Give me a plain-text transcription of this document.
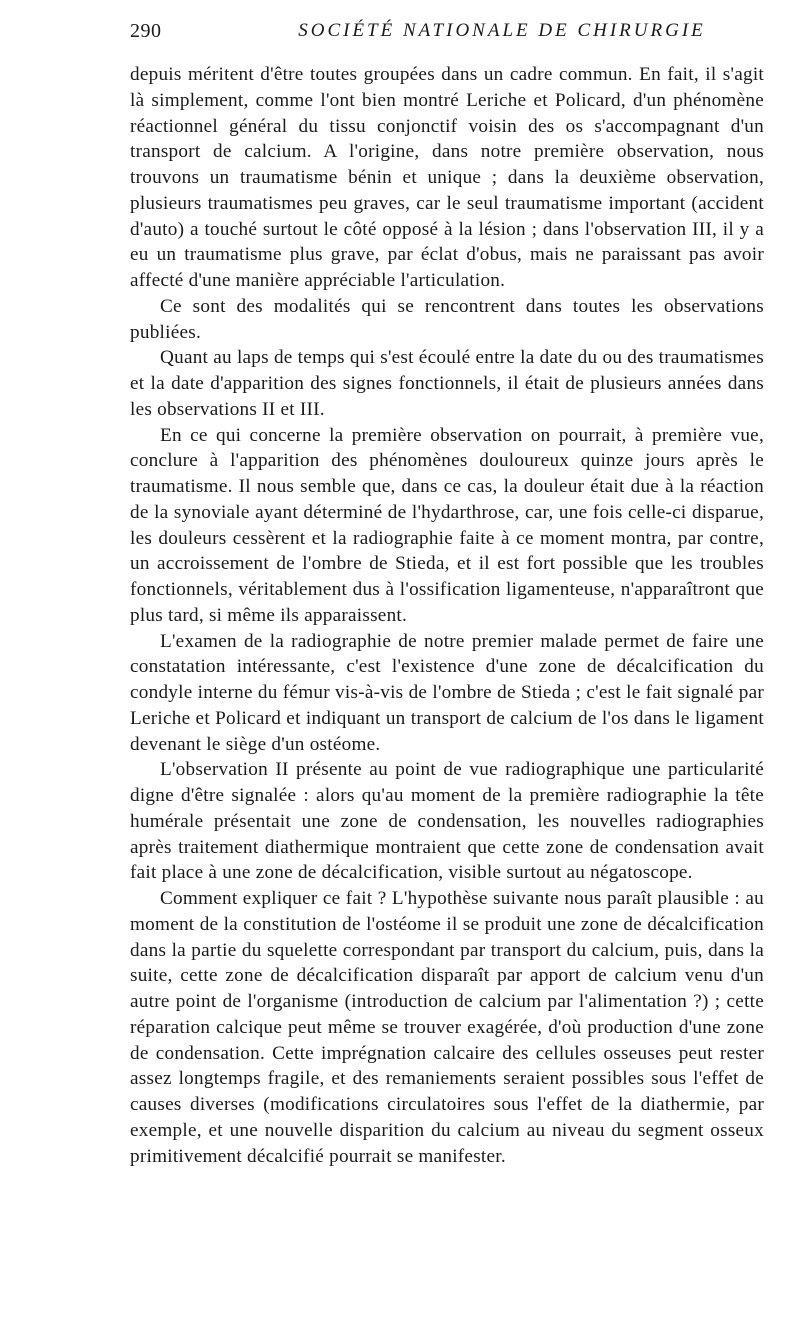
290	SOCIÉTÉ NATIONALE DE CHIRURGIE

depuis méritent d'être toutes groupées dans un cadre commun. En fait, il s'agit là simplement, comme l'ont bien montré Leriche et Policard, d'un phénomène réactionnel général du tissu conjonctif voisin des os s'accompagnant d'un transport de calcium. A l'origine, dans notre première observation, nous trouvons un traumatisme bénin et unique ; dans la deuxième observation, plusieurs traumatismes peu graves, car le seul traumatisme important (accident d'auto) a touché surtout le côté opposé à la lésion ; dans l'observation III, il y a eu un traumatisme plus grave, par éclat d'obus, mais ne paraissant pas avoir affecté d'une manière appréciable l'articulation.

Ce sont des modalités qui se rencontrent dans toutes les observations publiées.

Quant au laps de temps qui s'est écoulé entre la date du ou des traumatismes et la date d'apparition des signes fonctionnels, il était de plusieurs années dans les observations II et III.

En ce qui concerne la première observation on pourrait, à première vue, conclure à l'apparition des phénomènes douloureux quinze jours après le traumatisme. Il nous semble que, dans ce cas, la douleur était due à la réaction de la synoviale ayant déterminé de l'hydarthrose, car, une fois celle-ci disparue, les douleurs cessèrent et la radiographie faite à ce moment montra, par contre, un accroissement de l'ombre de Stieda, et il est fort possible que les troubles fonctionnels, véritablement dus à l'ossification ligamenteuse, n'apparaîtront que plus tard, si même ils apparaissent.

L'examen de la radiographie de notre premier malade permet de faire une constatation intéressante, c'est l'existence d'une zone de décalcification du condyle interne du fémur vis-à-vis de l'ombre de Stieda ; c'est le fait signalé par Leriche et Policard et indiquant un transport de calcium de l'os dans le ligament devenant le siège d'un ostéome.

L'observation II présente au point de vue radiographique une particularité digne d'être signalée : alors qu'au moment de la première radiographie la tête humérale présentait une zone de condensation, les nouvelles radiographies après traitement diathermique montraient que cette zone de condensation avait fait place à une zone de décalcification, visible surtout au négatoscope.

Comment expliquer ce fait ? L'hypothèse suivante nous paraît plausible : au moment de la constitution de l'ostéome il se produit une zone de décalcification dans la partie du squelette correspondant par transport du calcium, puis, dans la suite, cette zone de décalcification disparaît par apport de calcium venu d'un autre point de l'organisme (introduction de calcium par l'alimentation ?) ; cette réparation calcique peut même se trouver exagérée, d'où production d'une zone de condensation. Cette imprégnation calcaire des cellules osseuses peut rester assez longtemps fragile, et des remaniements seraient possibles sous l'effet de causes diverses (modifications circulatoires sous l'effet de la diathermie, par exemple, et une nouvelle disparition du calcium au niveau du segment osseux primitivement décalcifié pourrait se manifester.
